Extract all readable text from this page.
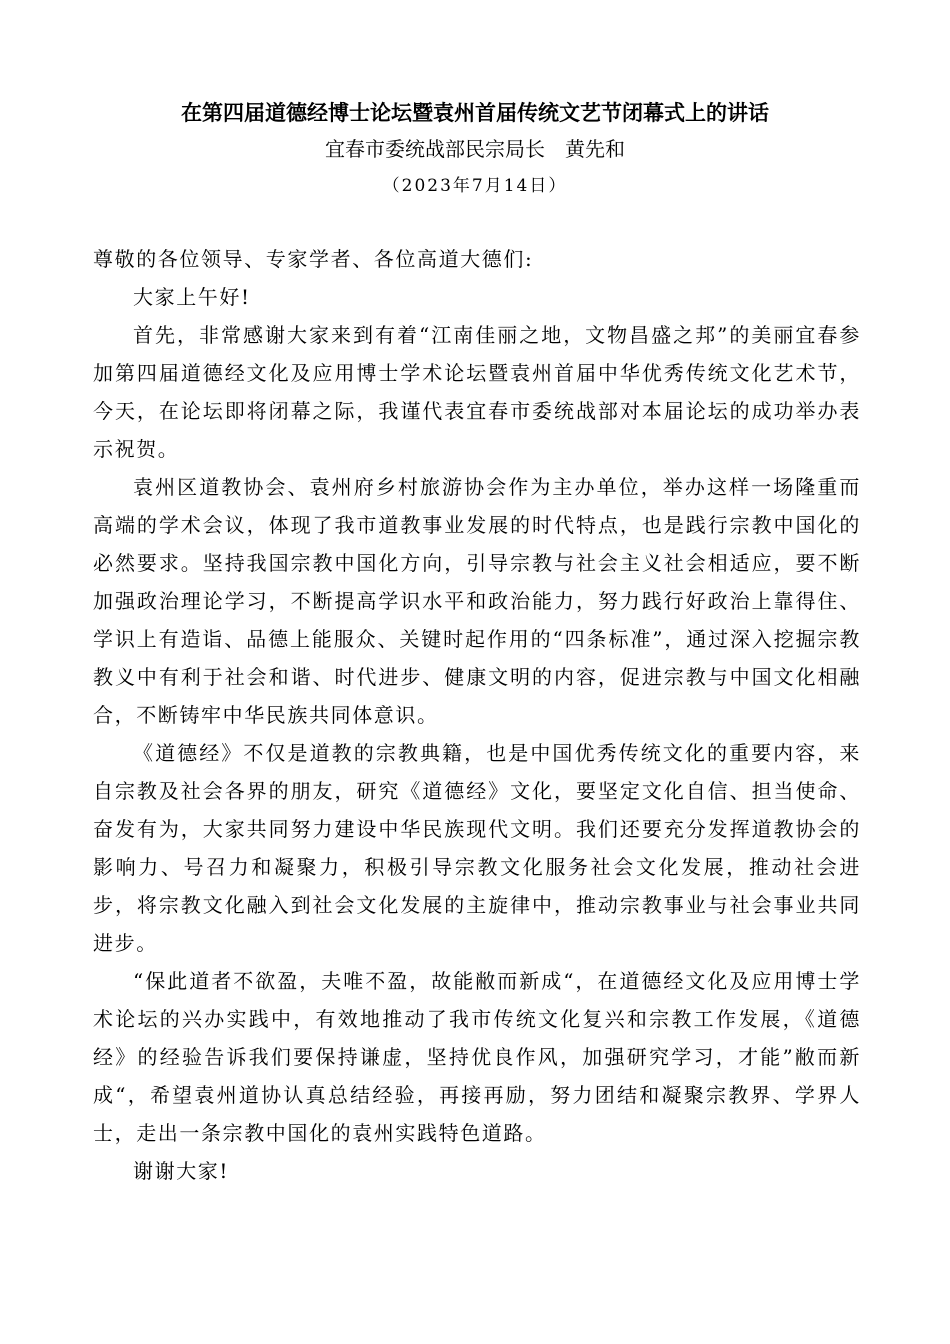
在第四届道德经博士论坛暨袁州首届传统文艺节闭幕式上的讲话
宜春市委统战部民宗局长　黄先和
（2023年7月14日）

尊敬的各位领导、专家学者、各位高道大德们:

大家上午好!

首先，非常感谢大家来到有着“江南佳丽之地，文物昌盛之邦”的美丽宜春参加第四届道德经文化及应用博士学术论坛暨袁州首届中华优秀传统文化艺术节，今天，在论坛即将闭幕之际，我谨代表宜春市委统战部对本届论坛的成功举办表示祝贺。

袁州区道教协会、袁州府乡村旅游协会作为主办单位，举办这样一场隆重而高端的学术会议，体现了我市道教事业发展的时代特点，也是践行宗教中国化的必然要求。坚持我国宗教中国化方向，引导宗教与社会主义社会相适应，要不断加强政治理论学习，不断提高学识水平和政治能力，努力践行好政治上靠得住、学识上有造诣、品德上能服众、关键时起作用的“四条标准”，通过深入挖掘宗教教义中有利于社会和谐、时代进步、健康文明的内容，促进宗教与中国文化相融合，不断铸牢中华民族共同体意识。

《道德经》不仅是道教的宗教典籍，也是中国优秀传统文化的重要内容，来自宗教及社会各界的朋友，研究《道德经》文化，要坚定文化自信、担当使命、奋发有为，大家共同努力建设中华民族现代文明。我们还要充分发挥道教协会的影响力、号召力和凝聚力，积极引导宗教文化服务社会文化发展，推动社会进步，将宗教文化融入到社会文化发展的主旋律中，推动宗教事业与社会事业共同进步。

“保此道者不欲盈，夫唯不盈，故能敝而新成“，在道德经文化及应用博士学术论坛的兴办实践中，有效地推动了我市传统文化复兴和宗教工作发展，《道德经》的经验告诉我们要保持谦虚，坚持优良作风，加强研究学习，才能”敝而新成“，希望袁州道协认真总结经验，再接再励，努力团结和凝聚宗教界、学界人士，走出一条宗教中国化的袁州实践特色道路。

谢谢大家!
